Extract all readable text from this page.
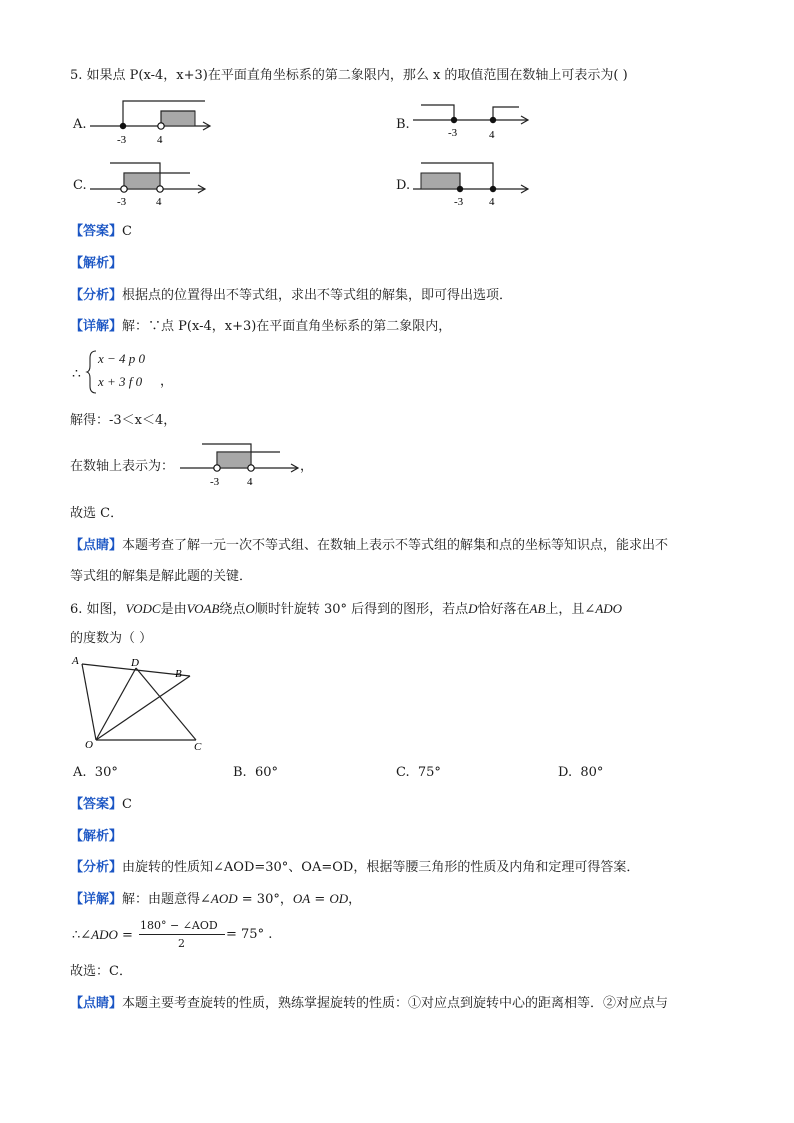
5. 如果点 P(x-4，x+3)在平面直角坐标系的第二象限内，那么 x 的取值范围在数轴上可表示为( )
A.
-3	4
B.
-3	4
C.
-3	4
D.
-3 4
【答案】C
【解析】
【分析】根据点的位置得出不等式组，求出不等式组的解集，即可得出选项．
【详解】解：∵点 P(x-4，x+3)在平面直角坐标系的第二象限内，
∴
x − 4 p 0
x + 3 f 0 ，
解得：-3＜x＜4，
在数轴上表示为：
-3	4
，
故选 C．
【点睛】本题考查了解一元一次不等式组、在数轴上表示不等式组的解集和点的坐标等知识点，能求出不
等式组的解集是解此题的关键．
6. 如图，VODC是由VOAB绕点O顺时针旋转 30° 后得到的图形，若点D恰好落在AB上，且∠ADO
的度数为（ ）
A	D
B
O	C
A. 30°	B. 60°	C. 75°	D. 80°
【答案】C
【解析】
【分析】由旋转的性质知∠AOD=30°、OA=OD，根据等腰三角形的性质及内角和定理可得答案．
【详解】解：由题意得∠AOD = 30°，OA = OD，
∴∠ADO =
180° − ∠AOD
2
= 75° .
故选：C．
【点睛】本题主要考查旋转的性质，熟练掌握旋转的性质：①对应点到旋转中心的距离相等．②对应点与
